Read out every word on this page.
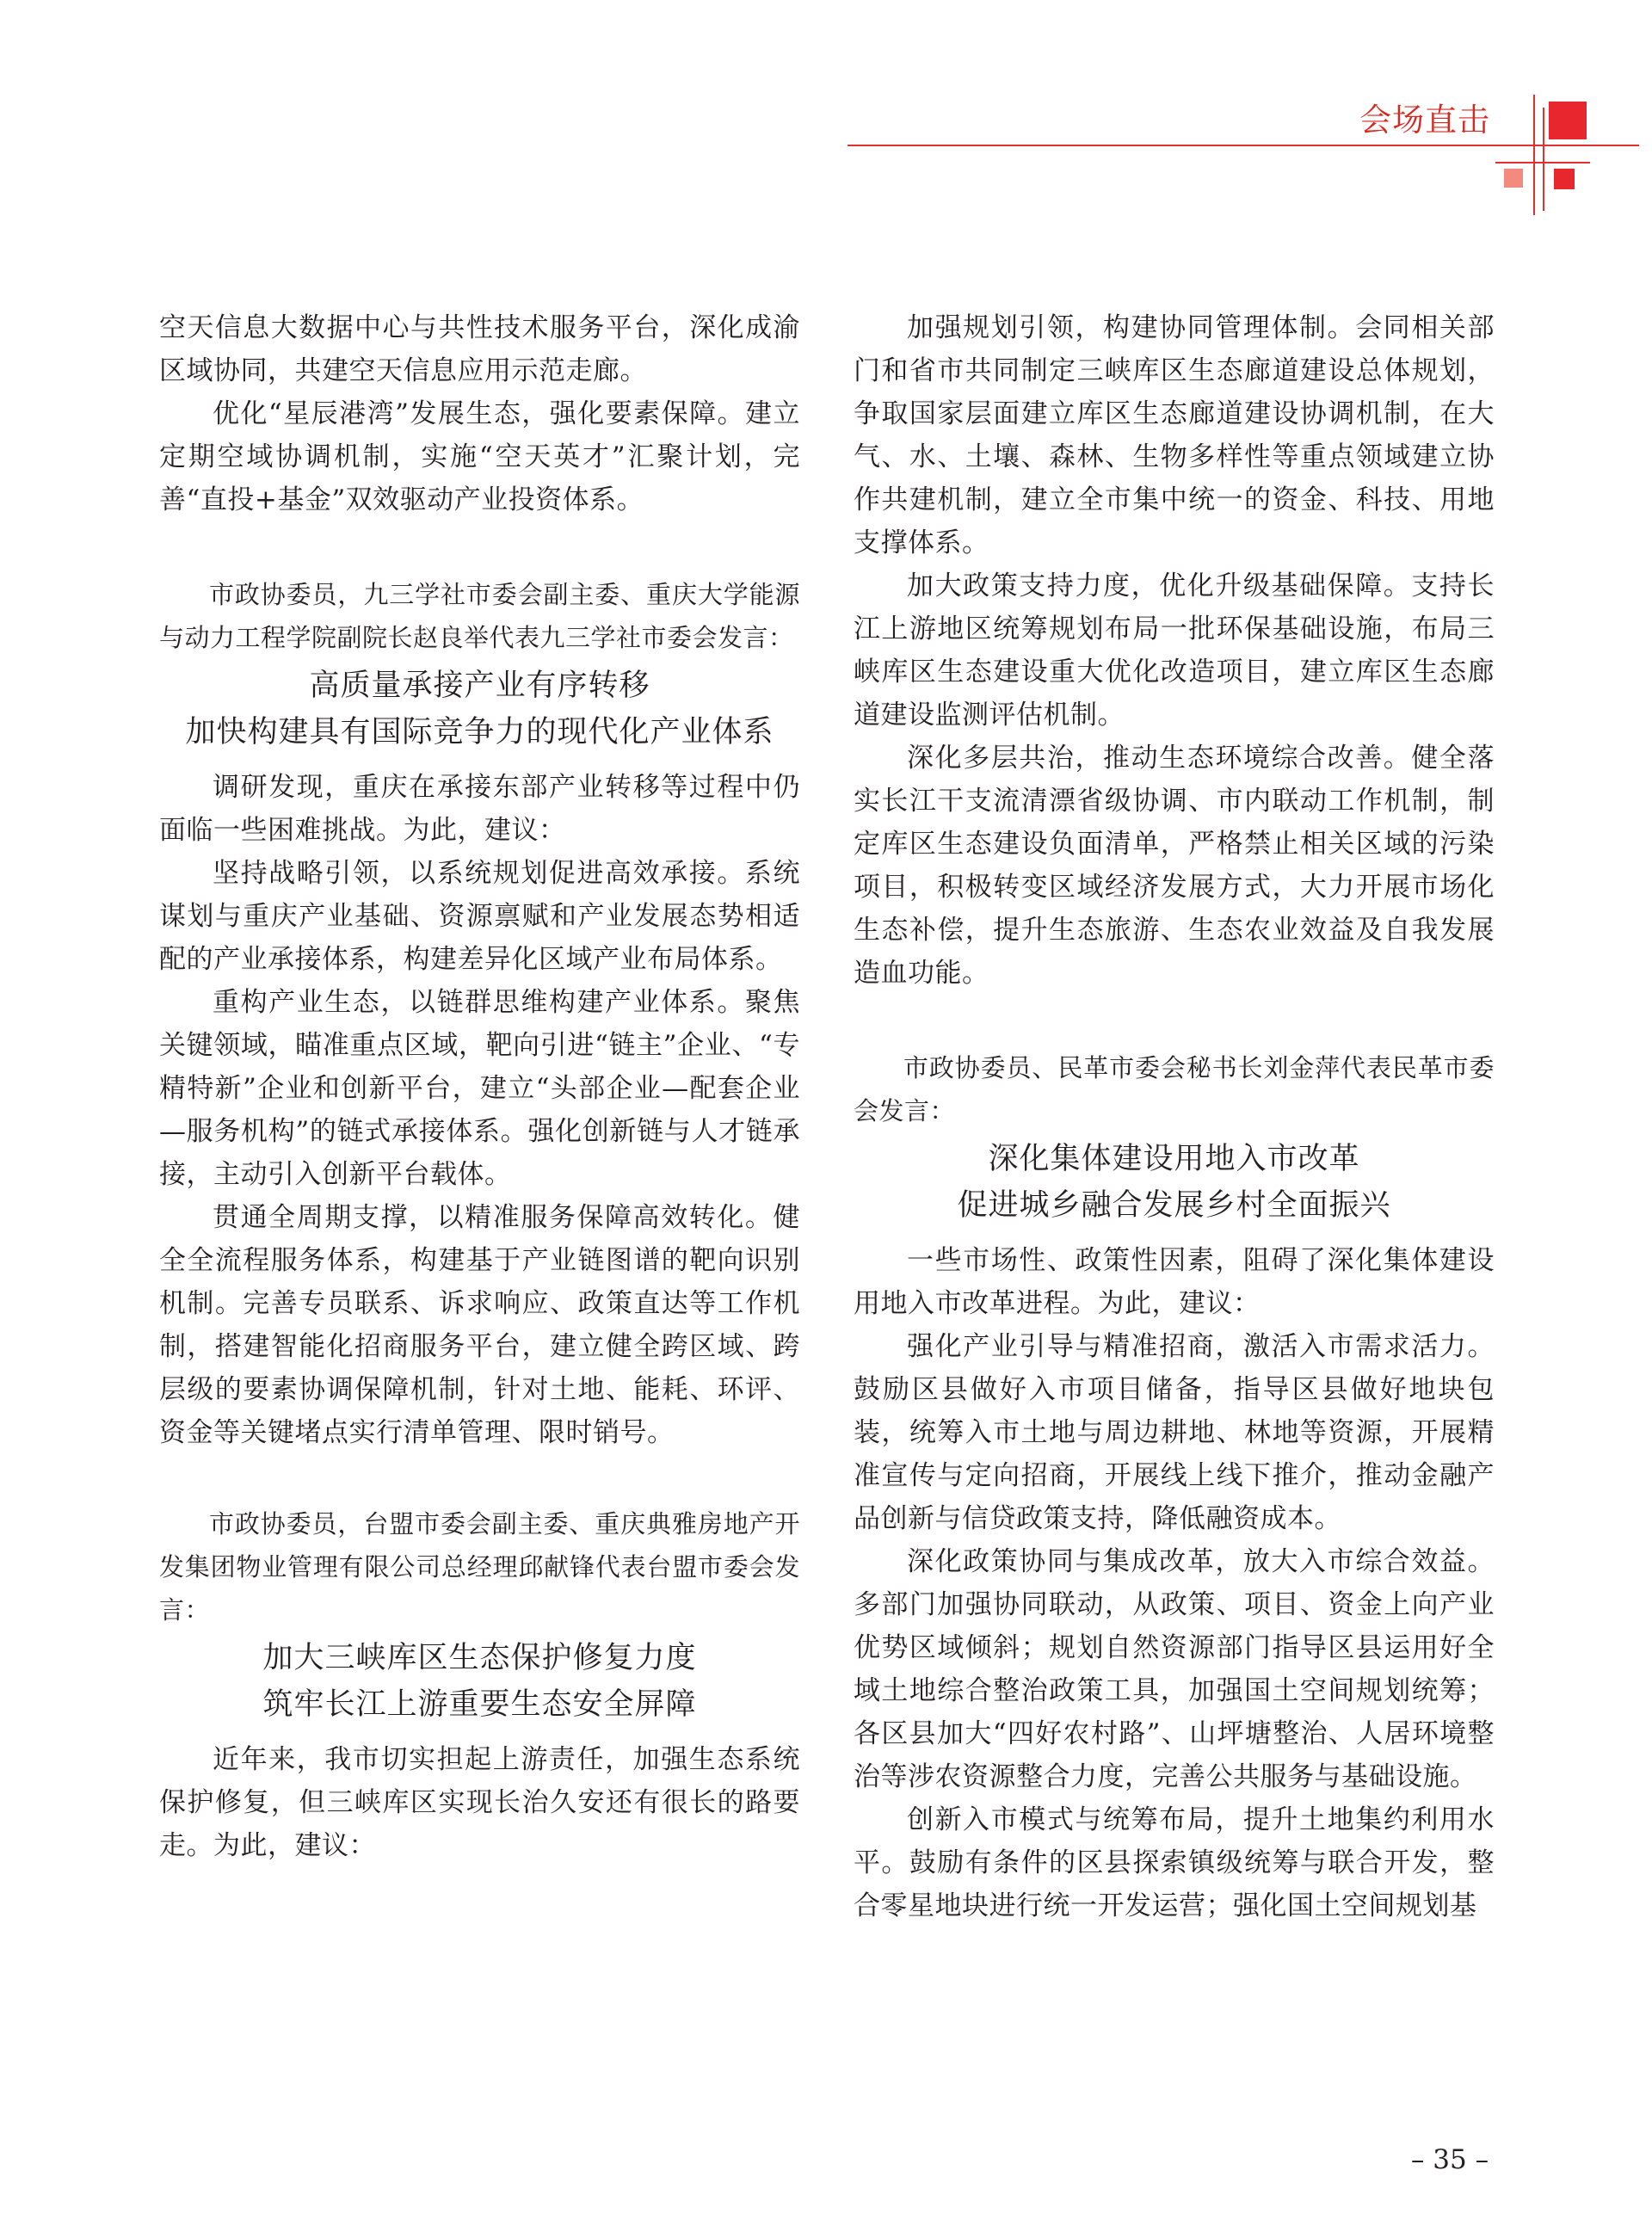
会场直击

空天信息大数据中心与共性技术服务平台，深化成渝区域协同，共建空天信息应用示范走廊。

优化“星辰港湾”发展生态，强化要素保障。建立定期空域协调机制，实施“空天英才”汇聚计划，完善“直投+基金”双效驱动产业投资体系。

市政协委员，九三学社市委会副主委、重庆大学能源与动力工程学院副院长赵良举代表九三学社市委会发言：

高质量承接产业有序转移
加快构建具有国际竞争力的现代化产业体系

调研发现，重庆在承接东部产业转移等过程中仍面临一些困难挑战。为此，建议：

坚持战略引领，以系统规划促进高效承接。系统谋划与重庆产业基础、资源禀赋和产业发展态势相适配的产业承接体系，构建差异化区域产业布局体系。

重构产业生态，以链群思维构建产业体系。聚焦关键领域，瞄准重点区域，靶向引进“链主”企业、“专精特新”企业和创新平台，建立“头部企业—配套企业—服务机构”的链式承接体系。强化创新链与人才链承接，主动引入创新平台载体。

贯通全周期支撑，以精准服务保障高效转化。健全全流程服务体系，构建基于产业链图谱的靶向识别机制。完善专员联系、诉求响应、政策直达等工作机制，搭建智能化招商服务平台，建立健全跨区域、跨层级的要素协调保障机制，针对土地、能耗、环评、资金等关键堵点实行清单管理、限时销号。

市政协委员，台盟市委会副主委、重庆典雅房地产开发集团物业管理有限公司总经理邱献锋代表台盟市委会发言：

加大三峡库区生态保护修复力度
筑牢长江上游重要生态安全屏障

近年来，我市切实担起上游责任，加强生态系统保护修复，但三峡库区实现长治久安还有很长的路要走。为此，建议：

加强规划引领，构建协同管理体制。会同相关部门和省市共同制定三峡库区生态廊道建设总体规划，争取国家层面建立库区生态廊道建设协调机制，在大气、水、土壤、森林、生物多样性等重点领域建立协作共建机制，建立全市集中统一的资金、科技、用地支撑体系。

加大政策支持力度，优化升级基础保障。支持长江上游地区统筹规划布局一批环保基础设施，布局三峡库区生态建设重大优化改造项目，建立库区生态廊道建设监测评估机制。

深化多层共治，推动生态环境综合改善。健全落实长江干支流清漂省级协调、市内联动工作机制，制定库区生态建设负面清单，严格禁止相关区域的污染项目，积极转变区域经济发展方式，大力开展市场化生态补偿，提升生态旅游、生态农业效益及自我发展造血功能。

市政协委员、民革市委会秘书长刘金萍代表民革市委会发言：

深化集体建设用地入市改革
促进城乡融合发展乡村全面振兴

一些市场性、政策性因素，阻碍了深化集体建设用地入市改革进程。为此，建议：

强化产业引导与精准招商，激活入市需求活力。鼓励区县做好入市项目储备，指导区县做好地块包装，统筹入市土地与周边耕地、林地等资源，开展精准宣传与定向招商，开展线上线下推介，推动金融产品创新与信贷政策支持，降低融资成本。

深化政策协同与集成改革，放大入市综合效益。多部门加强协同联动，从政策、项目、资金上向产业优势区域倾斜；规划自然资源部门指导区县运用好全域土地综合整治政策工具，加强国土空间规划统筹；各区县加大“四好农村路”、山坪塘整治、人居环境整治等涉农资源整合力度，完善公共服务与基础设施。

创新入市模式与统筹布局，提升土地集约利用水平。鼓励有条件的区县探索镇级统筹与联合开发，整合零星地块进行统一开发运营；强化国土空间规划基

– 35 –
